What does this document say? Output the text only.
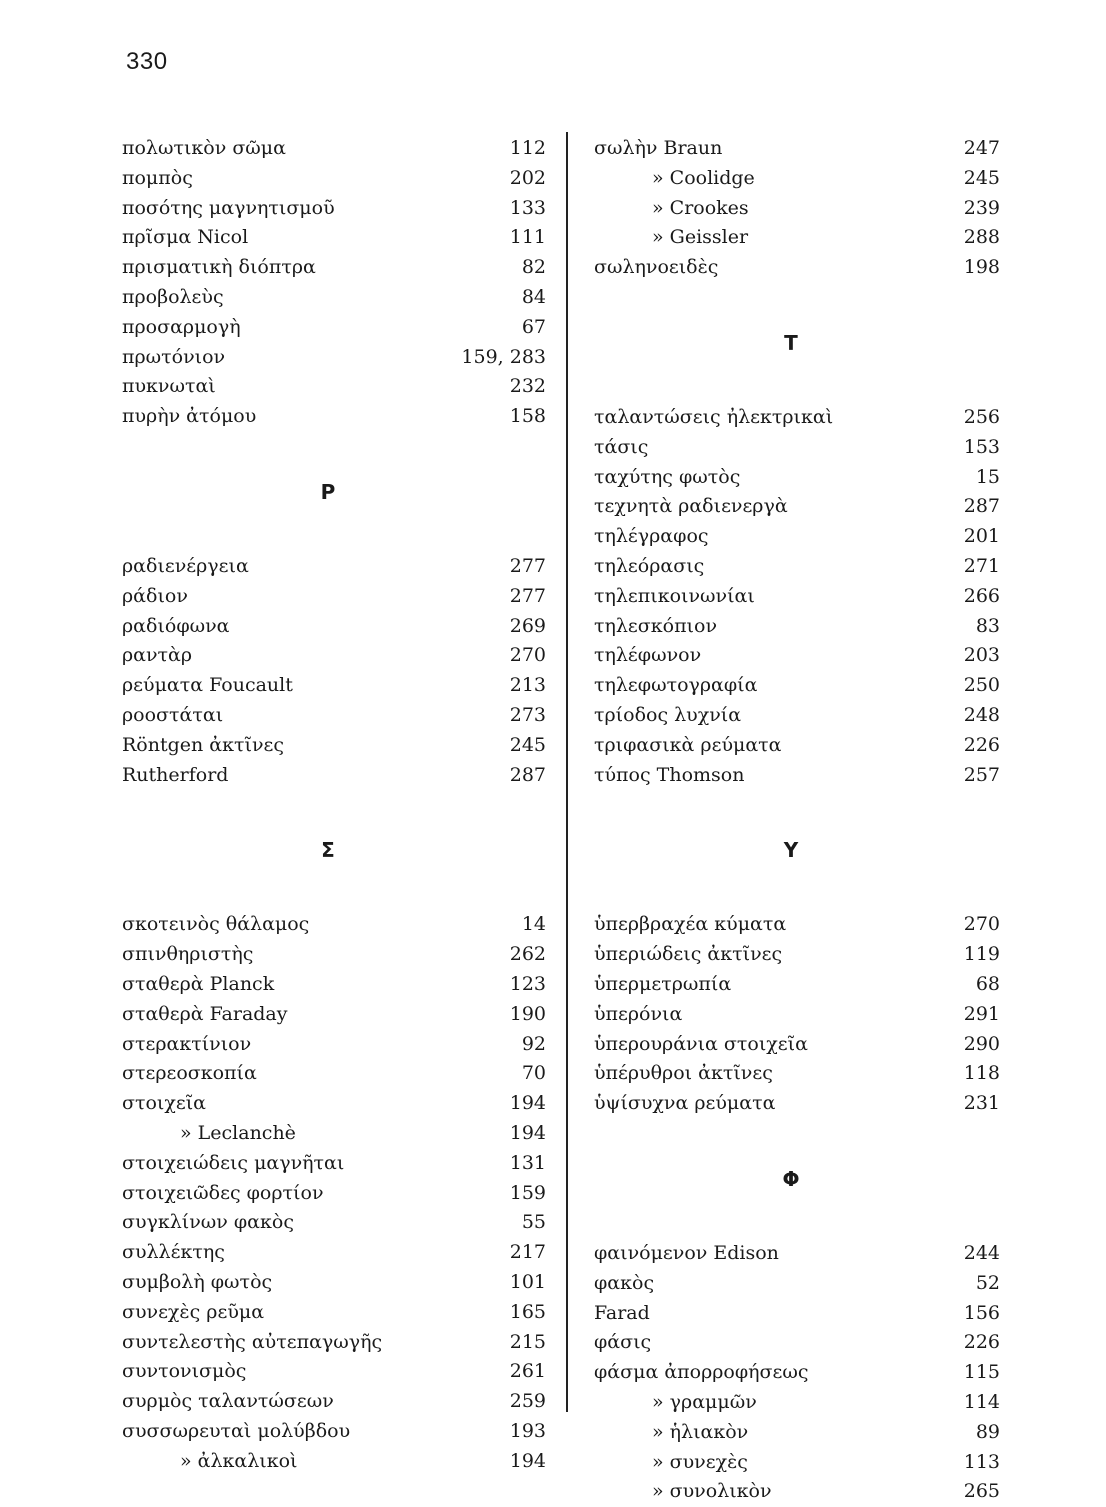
330
πολωτικὸν σῶμα	112
πομπὸς	202
ποσότης μαγνητισμοῦ	133
πρῖσμα Nicol	111
πρισματικὴ διόπτρα	82
προβολεὺς	84
προσαρμογὴ	67
πρωτόνιον	159, 283
πυκνωταὶ	232
πυρὴν ἀτόμου	158
Ρ
ραδιενέργεια	277
ράδιον	277
ραδιόφωνα	269
ραντὰρ	270
ρεύματα Foucault	213
ροοστάται	273
Röntgen ἀκτῖνες	245
Rutherford	287
Σ
σκοτεινὸς θάλαμος	14
σπινθηριστὴς	262
σταθερὰ Planck	123
σταθερὰ Faraday	190
στερακτίνιον	92
στερεοσκοπία	70
στοιχεῖα	194
» Leclanchè	194
στοιχειώδεις μαγνῆται	131
στοιχειῶδες φορτίον	159
συγκλίνων φακὸς	55
συλλέκτης	217
συμβολὴ φωτὸς	101
συνεχὲς ρεῦμα	165
συντελεστὴς αὐτεπαγωγῆς	215
συντονισμὸς	261
συρμὸς ταλαντώσεων	259
συσσωρευταὶ μολύβδου	193
» ἀλκαλικοὶ	194
σωλὴν Braun	247
» Coolidge	245
» Crookes	239
» Geissler	288
σωληνοειδὲς	198
Τ
ταλαντώσεις ἠλεκτρικαὶ	256
τάσις	153
ταχύτης φωτὸς	15
τεχνητὰ ραδιενεργὰ	287
τηλέγραφος	201
τηλεόρασις	271
τηλεπικοινωνίαι	266
τηλεσκόπιον	83
τηλέφωνον	203
τηλεφωτογραφία	250
τρίοδος λυχνία	248
τριφασικὰ ρεύματα	226
τύπος Thomson	257
Υ
ὑπερβραχέα κύματα	270
ὑπεριώδεις ἀκτῖνες	119
ὑπερμετρωπία	68
ὑπερόνια	291
ὑπερουράνια στοιχεῖα	290
ὑπέρυθροι ἀκτῖνες	118
ὑψίσυχνα ρεύματα	231
Φ
φαινόμενον Edison	244
φακὸς	52
Farad	156
φάσις	226
φάσμα ἀπορροφήσεως	115
» γραμμῶν	114
» ἡλιακὸν	89
» συνεχὲς	113
» συνολικὸν	265
